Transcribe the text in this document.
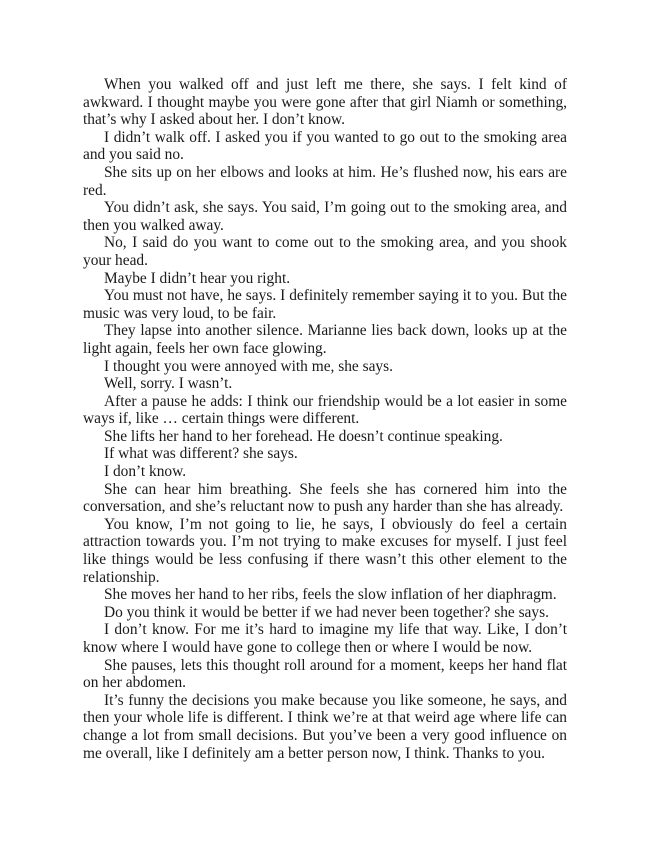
When you walked off and just left me there, she says. I felt kind of awkward. I thought maybe you were gone after that girl Niamh or something, that’s why I asked about her. I don’t know.

I didn’t walk off. I asked you if you wanted to go out to the smoking area and you said no.

She sits up on her elbows and looks at him. He’s flushed now, his ears are red.

You didn’t ask, she says. You said, I’m going out to the smoking area, and then you walked away.

No, I said do you want to come out to the smoking area, and you shook your head.

Maybe I didn’t hear you right.

You must not have, he says. I definitely remember saying it to you. But the music was very loud, to be fair.

They lapse into another silence. Marianne lies back down, looks up at the light again, feels her own face glowing.

I thought you were annoyed with me, she says.

Well, sorry. I wasn’t.

After a pause he adds: I think our friendship would be a lot easier in some ways if, like … certain things were different.

She lifts her hand to her forehead. He doesn’t continue speaking.

If what was different? she says.

I don’t know.

She can hear him breathing. She feels she has cornered him into the conversation, and she’s reluctant now to push any harder than she has already.

You know, I’m not going to lie, he says, I obviously do feel a certain attraction towards you. I’m not trying to make excuses for myself. I just feel like things would be less confusing if there wasn’t this other element to the relationship.

She moves her hand to her ribs, feels the slow inflation of her diaphragm.

Do you think it would be better if we had never been together? she says.

I don’t know. For me it’s hard to imagine my life that way. Like, I don’t know where I would have gone to college then or where I would be now.

She pauses, lets this thought roll around for a moment, keeps her hand flat on her abdomen.

It’s funny the decisions you make because you like someone, he says, and then your whole life is different. I think we’re at that weird age where life can change a lot from small decisions. But you’ve been a very good influence on me overall, like I definitely am a better person now, I think. Thanks to you.
